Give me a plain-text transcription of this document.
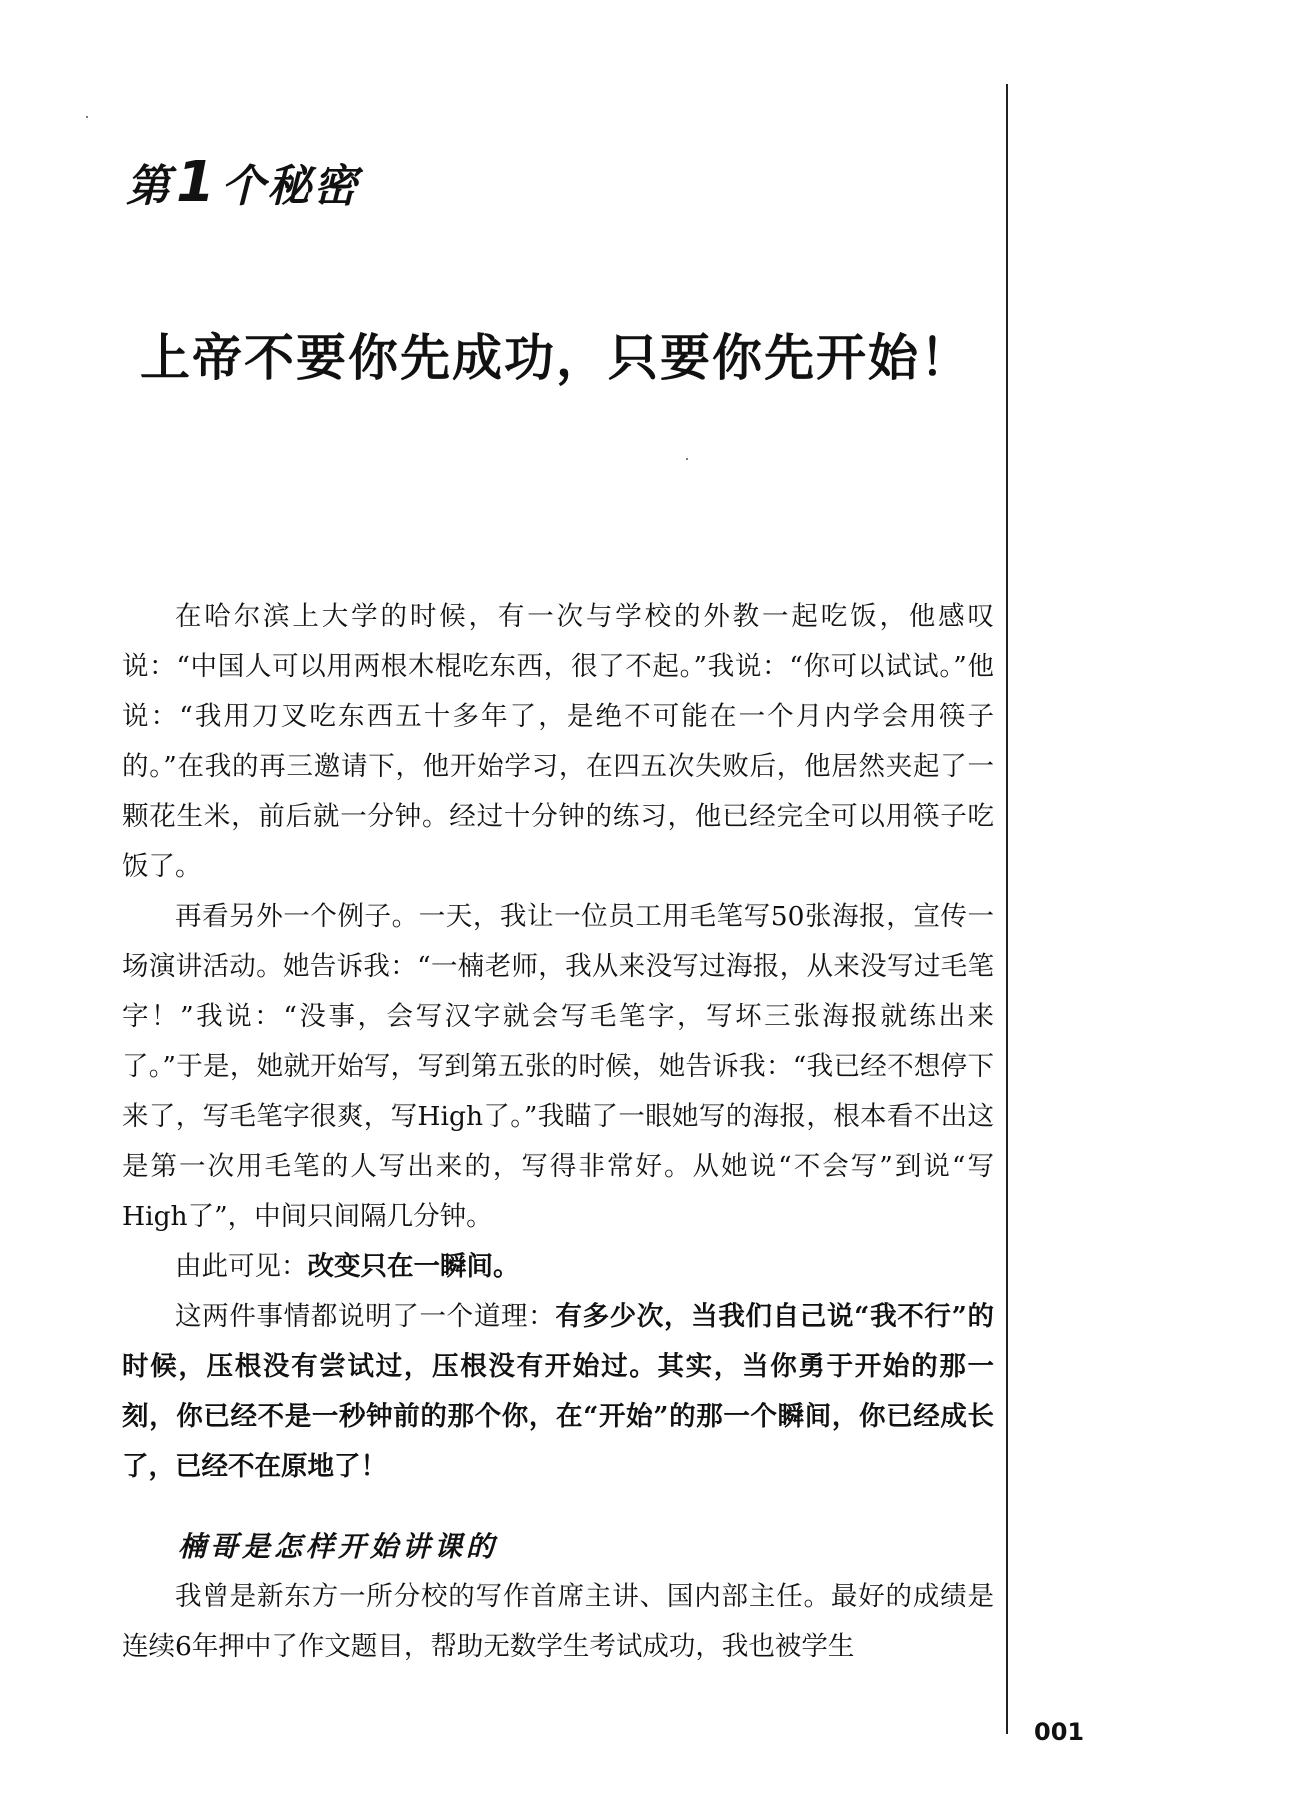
第1个秘密
上帝不要你先成功，只要你先开始！

在哈尔滨上大学的时候，有一次与学校的外教一起吃饭，他感叹说：“中国人可以用两根木棍吃东西，很了不起。”我说：“你可以试试。”他说：“我用刀叉吃东西五十多年了，是绝不可能在一个月内学会用筷子的。”在我的再三邀请下，他开始学习，在四五次失败后，他居然夹起了一颗花生米，前后就一分钟。经过十分钟的练习，他已经完全可以用筷子吃饭了。

再看另外一个例子。一天，我让一位员工用毛笔写50张海报，宣传一场演讲活动。她告诉我：“一楠老师，我从来没写过海报，从来没写过毛笔字！”我说：“没事，会写汉字就会写毛笔字，写坏三张海报就练出来了。”于是，她就开始写，写到第五张的时候，她告诉我：“我已经不想停下来了，写毛笔字很爽，写High了。”我瞄了一眼她写的海报，根本看不出这是第一次用毛笔的人写出来的，写得非常好。从她说“不会写”到说“写High了”，中间只间隔几分钟。

由此可见：改变只在一瞬间。

这两件事情都说明了一个道理：有多少次，当我们自己说“我不行”的时候，压根没有尝试过，压根没有开始过。其实，当你勇于开始的那一刻，你已经不是一秒钟前的那个你，在“开始”的那一个瞬间，你已经成长了，已经不在原地了！

楠哥是怎样开始讲课的

我曾是新东方一所分校的写作首席主讲、国内部主任。最好的成绩是连续6年押中了作文题目，帮助无数学生考试成功，我也被学生

001
